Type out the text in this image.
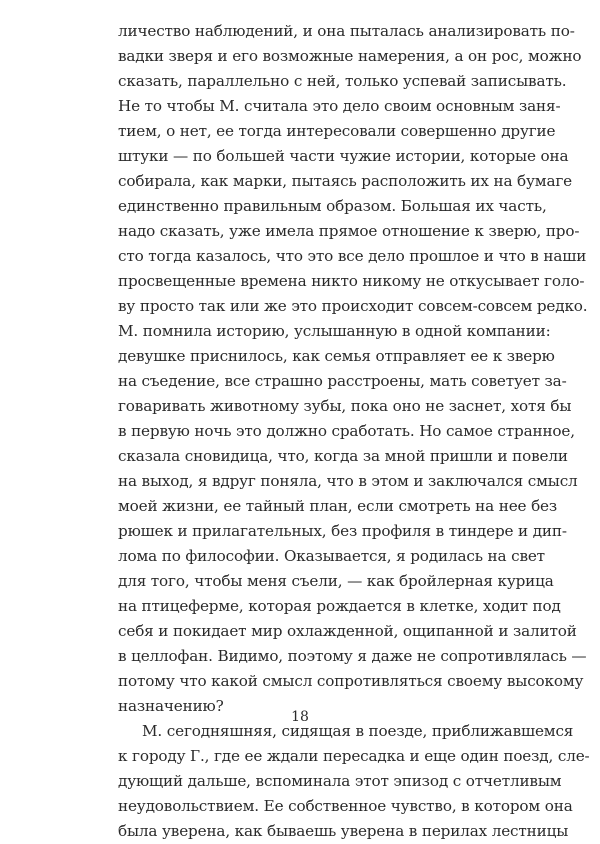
личество наблюдений, и она пыталась анализировать по-
вадки зверя и его возможные намерения, а он рос, можно
сказать, параллельно с ней, только успевай записывать.
Не то чтобы М. считала это дело своим основным заня-
тием, о нет, ее тогда интересовали совершенно другие
штуки — по большей части чужие истории, которые она
собирала, как марки, пытаясь расположить их на бумаге
единственно правильным образом. Большая их часть,
надо сказать, уже имела прямое отношение к зверю, про-
сто тогда казалось, что это все дело прошлое и что в наши
просвещенные времена никто никому не откусывает голо-
ву просто так или же это происходит совсем-совсем редко.
М. помнила историю, услышанную в одной компании:
девушке приснилось, как семья отправляет ее к зверю
на съедение, все страшно расстроены, мать советует за-
говаривать животному зубы, пока оно не заснет, хотя бы
в первую ночь это должно сработать. Но самое странное,
сказала сновидица, что, когда за мной пришли и повели
на выход, я вдруг поняла, что в этом и заключался смысл
моей жизни, ее тайный план, если смотреть на нее без
рюшек и прилагательных, без профиля в тиндере и дип-
лома по философии. Оказывается, я родилась на свет
для того, чтобы меня съели, — как бройлерная курица
на птицеферме, которая рождается в клетке, ходит под
себя и покидает мир охлажденной, ощипанной и залитой
в целлофан. Видимо, поэтому я даже не сопротивлялась —
потому что какой смысл сопротивляться своему высокому
назначению?
М. сегодняшняя, сидящая в поезде, приближавшемся
к городу Г., где ее ждали пересадка и еще один поезд, сле-
дующий дальше, вспоминала этот эпизод с отчетливым
неудовольствием. Ее собственное чувство, в котором она
была уверена, как бываешь уверена в перилах лестницы
18
